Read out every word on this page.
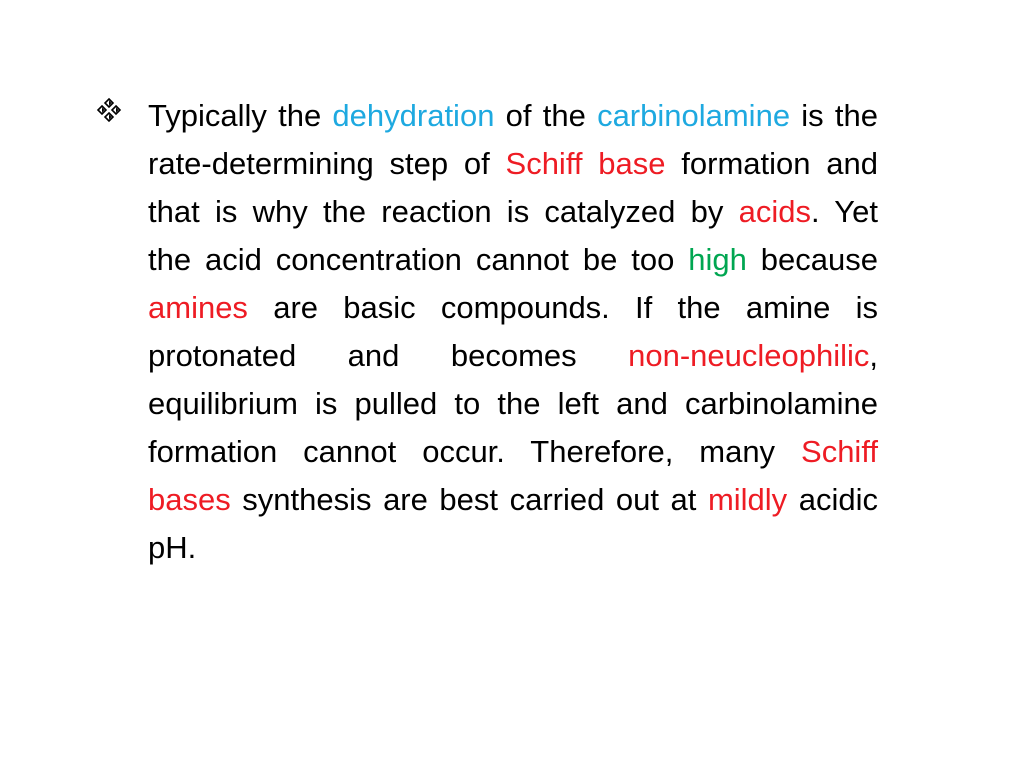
Typically the dehydration of the carbinolamine is the rate-determining step of Schiff base formation and that is why the reaction is catalyzed by acids. Yet the acid concentration cannot be too high because amines are basic compounds. If the amine is protonated and becomes non-neucleophilic, equilibrium is pulled to the left and carbinolamine formation cannot occur. Therefore, many Schiff bases synthesis are best carried out at mildly acidic pH.
